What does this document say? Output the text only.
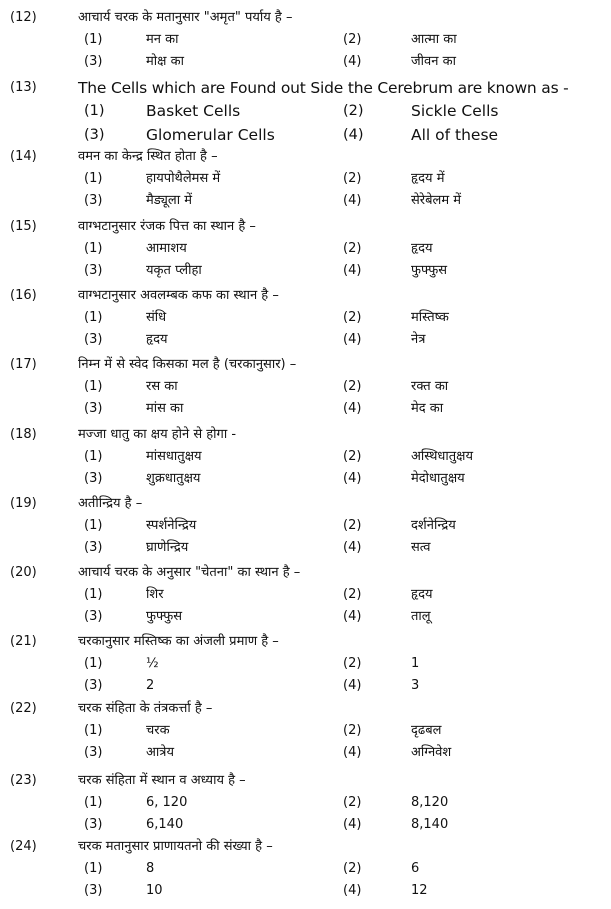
(12)	आचार्य चरक के मतानुसार "अमृत" पर्याय है –
(1)	मन का	(2)	आत्मा का
(3)	मोक्ष का	(4)	जीवन का
(13)	The Cells which are Found out Side the Cerebrum are known as -
(1)	Basket Cells	(2)	Sickle Cells
(3)	Glomerular Cells	(4)	All of these
(14)	वमन का केन्द्र स्थित होता है –
(1)	हायपोथैलेमस में	(2)	हृदय में
(3)	मैड्यूला में	(4)	सेरेबेलम में
(15)	वाग्भटानुसार रंजक पित्त का स्थान है –
(1)	आमाशय	(2)	हृदय
(3)	यकृत प्लीहा	(4)	फुफ्फुस
(16)	वाग्भटानुसार अवलम्बक कफ का स्थान है –
(1)	संधि	(2)	मस्तिष्क
(3)	हृदय	(4)	नेत्र
(17)	निम्न में से स्वेद किसका मल है (चरकानुसार) –
(1)	रस का	(2)	रक्त का
(3)	मांस का	(4)	मेद का
(18)	मज्जा धातु का क्षय होने से होगा -
(1)	मांसधातुक्षय	(2)	अस्थिधातुक्षय
(3)	शुक्रधातुक्षय	(4)	मेदोधातुक्षय
(19)	अतीन्द्रिय है –
(1)	स्पर्शनेन्द्रिय	(2)	दर्शनेन्द्रिय
(3)	घ्राणेन्द्रिय	(4)	सत्व
(20)	आचार्य चरक के अनुसार "चेतना" का स्थान है –
(1)	शिर	(2)	हृदय
(3)	फुफ्फुस	(4)	तालू
(21)	चरकानुसार मस्तिष्क का अंजली प्रमाण है –
(1)	½	(2)	1
(3)	2	(4)	3
(22)	चरक संहिता के तंत्रकर्त्ता है –
(1)	चरक	(2)	दृढबल
(3)	आत्रेय	(4)	अग्निवेश
(23)	चरक संहिता में स्थान व अध्याय है –
(1)	6, 120	(2)	8,120
(3)	6,140	(4)	8,140
(24)	चरक मतानुसार प्राणायतनो की संख्या है –
(1)	8	(2)	6
(3)	10	(4)	12
